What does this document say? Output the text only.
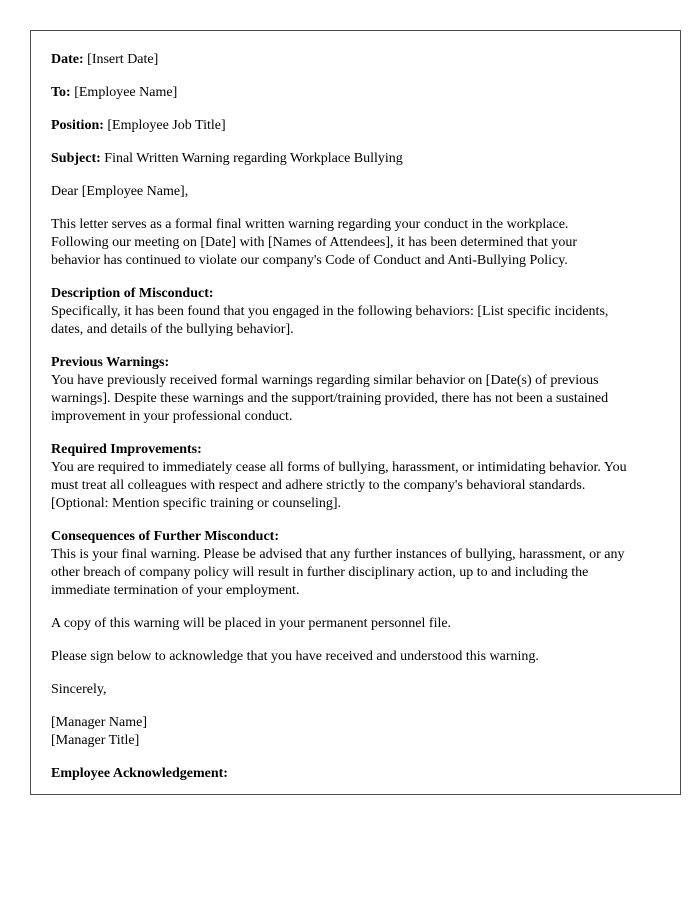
Date: [Insert Date]

To: [Employee Name]

Position: [Employee Job Title]

Subject: Final Written Warning regarding Workplace Bullying

Dear [Employee Name],

This letter serves as a formal final written warning regarding your conduct in the workplace. Following our meeting on [Date] with [Names of Attendees], it has been determined that your behavior has continued to violate our company's Code of Conduct and Anti-Bullying Policy.

Description of Misconduct:
Specifically, it has been found that you engaged in the following behaviors: [List specific incidents, dates, and details of the bullying behavior].
Previous Warnings:
You have previously received formal warnings regarding similar behavior on [Date(s) of previous warnings]. Despite these warnings and the support/training provided, there has not been a sustained improvement in your professional conduct.
Required Improvements:
You are required to immediately cease all forms of bullying, harassment, or intimidating behavior. You must treat all colleagues with respect and adhere strictly to the company's behavioral standards. [Optional: Mention specific training or counseling].
Consequences of Further Misconduct:
This is your final warning. Please be advised that any further instances of bullying, harassment, or any other breach of company policy will result in further disciplinary action, up to and including the immediate termination of your employment.

A copy of this warning will be placed in your permanent personnel file.

Please sign below to acknowledge that you have received and understood this warning.

Sincerely,

[Manager Name]
[Manager Title]

Employee Acknowledgement:
